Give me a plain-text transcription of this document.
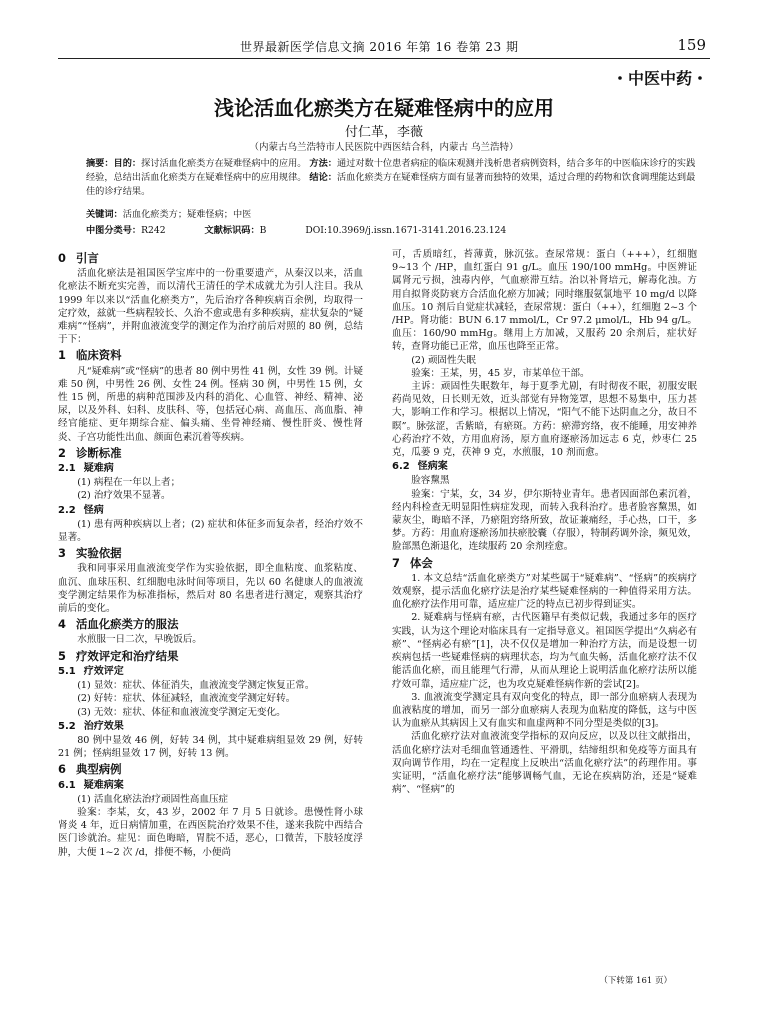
世界最新医学信息文摘 2016 年第 16 卷第 23 期	159
・中医中药・
浅论活血化瘀类方在疑难怪病中的应用
付仁革，李薇
（内蒙古乌兰浩特市人民医院中西医结合科，内蒙古 乌兰浩特）
摘要：目的：探讨活血化瘀类方在疑难怪病中的应用。 方法：通过对数十位患者病症的临床观测并浅析患者病例资料，结合多年的中医临床诊疗的实践经验，总结出活血化瘀类方在疑难怪病中的应用规律。 结论：活血化瘀类方在疑难怪病方面有显著而独特的效果，适过合理的药物和饮食调理能达到最佳的诊疗结果。
关键词：活血化瘀类方；疑难怪病；中医
中图分类号：R242	文献标识码：B	DOI:10.3969/j.issn.1671-3141.2016.23.124
0 引言

活血化瘀法是祖国医学宝库中的一份重要遗产，从秦汉以来，活血化瘀法不断充实完善，而以清代王清任的学术成就尤为引人注目。我从 1999 年以来以“活血化瘀类方”，先后治疗各种疾病百余例，均取得一定疗效，兹就一些病程较长、久治不愈或患有多种疾病，症状复杂的“疑难病”“怪病”，并附血液流变学的测定作为治疗前后对照的 80 例，总结于下：

1 临床资料

凡“疑难病”或“怪病”的患者 80 例中男性 41 例，女性 39 例。计疑难 50 例，中男性 26 例、女性 24 例。怪病 30 例，中男性 15 例，女性 15 例，所患的病种范围涉及内科的消化、心血管、神经、精神、泌尿，以及外科、妇科、皮肤科、等，包括冠心病、高血压、高血脂、神经官能症、更年期综合症、偏头痛、坐骨神经痛、慢性肝炎、慢性肾炎、子宫功能性出血、颜面色素沉着等疾病。

2 诊断标准
2.1 疑难病

(1) 病程在一年以上者；

(2) 治疗效果不显著。

2.2 怪病

(1) 患有两种疾病以上者；(2) 症状和体征多而复杂者，经治疗效不显著。

3 实验依据

我和同事采用血液流变学作为实验依据，即全血粘度、血浆粘度、血沉、血球压积、红细胞电泳时间等项目，先以 60 名健康人的血液流变学测定结果作为标准指标，然后对 80 名患者进行测定，观察其治疗前后的变化。

4 活血化瘀类方的服法

水煎服一日二次，早晚饭后。

5 疗效评定和治疗结果
5.1 疗效评定

(1) 显效：症状、体征消失，血液流变学测定恢复正常。

(2) 好转：症状、体征减轻，血液流变学测定好转。

(3) 无效：症状、体征和血液流变学测定无变化。

5.2 治疗效果

80 例中显效 46 例，好转 34 例，其中疑难病组显效 29 例，好转 21 例；怪病组显效 17 例，好转 13 例。

6 典型病例
6.1 疑难病案

(1) 活血化瘀法治疗顽固性高血压症

验案：李某，女，43 岁，2002 年 7 月 5 日就诊。患慢性肾小球肾炎 4 年，近日病情加重，在西医院治疗效果不佳，遂来我院中西结合医门诊就治。症见：面色晦暗，胃脘不适，恶心，口微苦，下肢轻度浮肿，大便 1~2 次 /d，排便不畅，小便尚

可，舌质暗红，苔薄黄，脉沉弦。查尿常规：蛋白（+++），红细胞 9~13 个 /HP，血红蛋白 91 g/L。血压 190/100 mmHg。中医辨证属肾元亏损，浊毒内停，气血瘀滞互结。治以补肾培元，解毒化浊。方用自拟肾炎防衰方合活血化瘀方加减；同时继服氨氯地平 10 mg/d 以降血压。10 剂后自觉症状减轻，查尿常规：蛋白（++），红细胞 2~3 个 /HP。肾功能：BUN 6.17 mmol/L，Cr 97.2 μmol/L，Hb 94 g/L。血压：160/90 mmHg。继用上方加减，又服药 20 余剂后，症状好转，查肾功能已正常，血压也降至正常。

(2) 顽固性失眠

验案：王某，男，45 岁，市某单位干部。

主诉：顽固性失眠数年，每于夏季尤剧，有时彻夜不眠，初服安眠药尚见效，日长则无效，近头部觉有异物笼罩，思想不易集中，压力甚大，影响工作和学习。根据以上情况，“阳气不能下达阴血之分，故日不瞑”。脉弦涩，舌紫暗，有瘀斑。方药：瘀滞窍络，夜不能睡，用安神养心药治疗不效，方用血府汤，原方血府逐瘀汤加远志 6 克，炒枣仁 25 克，瓜蒌 9 克，茯神 9 克，水煎服，10 剂而愈。

6.2 怪病案

脸容黧黑

验案：宁某，女，34 岁，伊尔斯特业青年。患者因面部色素沉着，经内科检查无明显阳性病症发现，而转入我科治疗。患者脸容黧黑，如蒙灰尘，晦暗不泽，乃瘀阻窍络所致，故证兼痛经，手心热，口干，多梦。方药：用血府逐瘀汤加扶瘀胶囊（存服），特制药调外涂，频见效，脸部黑色渐退化，连续服药 20 余剂痊愈。

7 体会

1. 本文总结“活血化瘀类方”对某些属于“疑难病”、“怪病”的疾病疗效观察，提示活血化瘀疗法是治疗某些疑难怪病的一种值得采用方法。血化瘀疗法作用可靠，适应症广泛的特点已初步得到证实。

2. 疑难病与怪病有瘀，古代医籍早有类似记载，我通过多年的医疗实践，认为这个理论对临床具有一定指导意义。祖国医学提出“久病必有瘀”、“怪病必有瘀”[1]，决不仅仅是增加一种治疗方法，而是设想一切疾病包括一些疑难怪病的病理状态，均为气血失畅，活血化瘀疗法不仅能活血化瘀，而且能理气行滞，从而从理论上说明活血化瘀疗法所以能疗效可靠，适应症广泛，也为攻克疑难怪病作新的尝试[2]。

3. 血液流变学测定具有双向变化的特点，即一部分血瘀病人表现为血液粘度的增加，而另一部分血瘀病人表现为血粘度的降低，这与中医认为血瘀从其病因上又有血实和血虚两种不同分型是类似的[3]。

活血化瘀疗法对血液流变学指标的双向反应，以及以往文献指出，活血化瘀疗法对毛细血管通透性、平滑肌，结缔组织和免疫等方面具有双向调节作用，均在一定程度上反映出“活血化瘀疗法”的药理作用。事实证明，“活血化瘀疗法”能够调畅气血，无论在疾病防治，还是“疑难病”、“怪病”的

（下转第 161 页）
